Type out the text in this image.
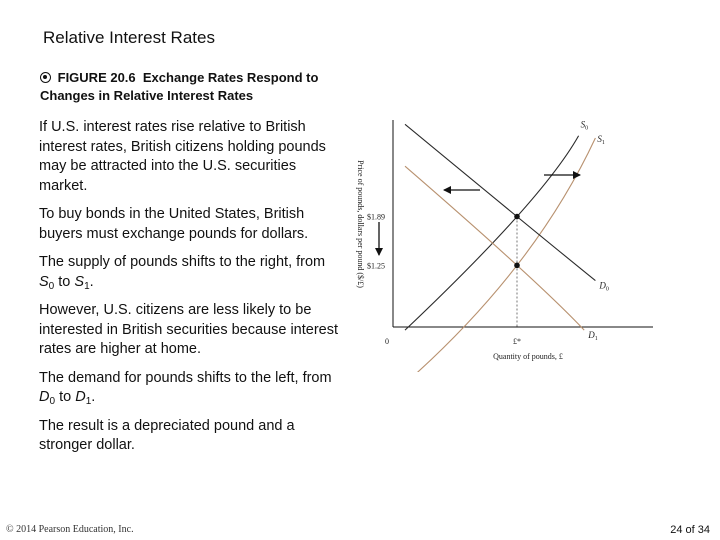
Relative Interest Rates
FIGURE 20.6 Exchange Rates Respond to Changes in Relative Interest Rates

If U.S. interest rates rise relative to British interest rates, British citizens holding pounds may be attracted into the U.S. securities market.

To buy bonds in the United States, British buyers must exchange pounds for dollars.

The supply of pounds shifts to the right, from $S_0$ to $S_1$.

However, U.S. citizens are less likely to be interested in British securities because interest rates are higher at home.

The demand for pounds shifts to the left, from $D_0$ to $D_1$.

The result is a depreciated pound and a stronger dollar.

Price of pounds, dollars per pound ($/£)
Quantity of pounds, £
0	£*
$1.89
$1.25
$S_0$
$S_1$
$D_0$
$D_1$
© 2014 Pearson Education, Inc.	24 of 34
